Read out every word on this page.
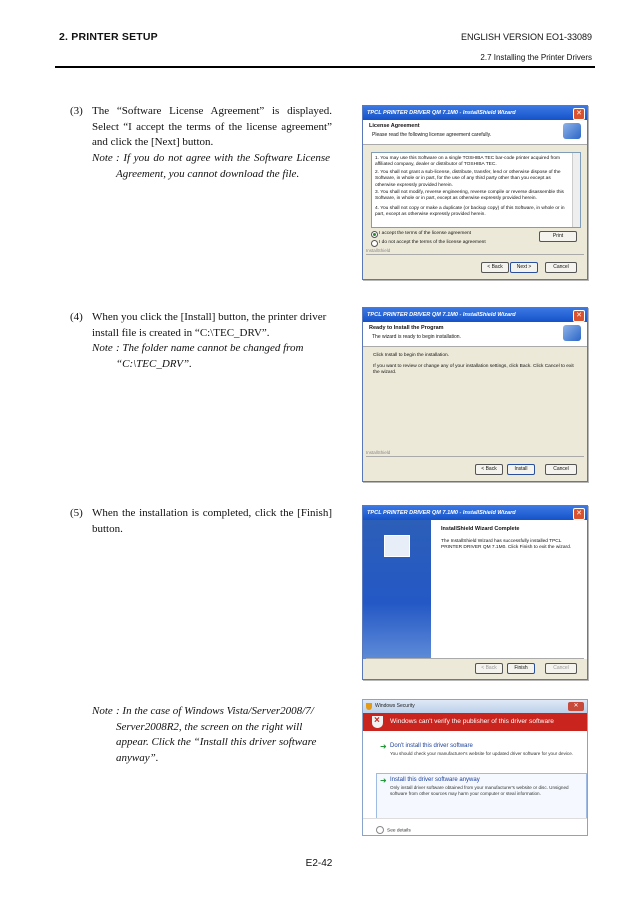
2. PRINTER SETUP	ENGLISH VERSION EO1-33089
2.7 Installing the Printer Drivers
(3) The “Software License Agreement” is displayed. Select “I accept the terms of the license agreement” and click the [Next] button.
Note : If you do not agree with the Software License Agreement, you cannot download the file.
(4) When you click the [Install] button, the printer driver install file is created in “C:\TEC_DRV”.
Note : The folder name cannot be changed from “C:\TEC_DRV”.
(5) When the installation is completed, click the [Finish] button.
Note : In the case of Windows Vista/Server2008/7/ Server2008R2, the screen on the right will appear. Click the “Install this driver software anyway”.
TPCL PRINTER DRIVER QM 7.1M0 - InstallShield Wizard	✕
License Agreement
Please read the following license agreement carefully.
1. You may use this Software on a single TOSHIBA TEC bar-code printer acquired from affiliated company, dealer or distributor of TOSHIBA TEC.
2. You shall not grant a sub-license, distribute, transfer, lend or otherwise dispose of the Software, in whole or in part, for the use of any third party other than you except as otherwise expressly provided herein.
3. You shall not modify, reverse engineering, reverse compile or reverse disassemble this Software, in whole or in part, except as otherwise expressly provided herein.
4. You shall not copy or make a duplicate (or backup copy) of this Software, in whole or in part, except as otherwise expressly provided herein.
I accept the terms of the license agreement
I do not accept the terms of the license agreement
Print
InstallShield
< Back	Next >	Cancel
TPCL PRINTER DRIVER QM 7.1M0 - InstallShield Wizard	✕
Ready to Install the Program
The wizard is ready to begin installation.
Click Install to begin the installation.
If you want to review or change any of your installation settings, click Back. Click Cancel to exit the wizard.
InstallShield
< Back	Install	Cancel
TPCL PRINTER DRIVER QM 7.1M0 - InstallShield Wizard	✕
InstallShield Wizard Complete
The InstallShield Wizard has successfully installed TPCL PRINTER DRIVER QM 7.1M0. Click Finish to exit the wizard.
< Back	Finish	Cancel
Windows Security	✕
×
Windows can't verify the publisher of this driver software
➜ Don't install this driver software
You should check your manufacturer's website for updated driver software for your device.
➜ Install this driver software anyway
Only install driver software obtained from your manufacturer's website or disc. Unsigned software from other sources may harm your computer or steal information.
See details
E2-42
